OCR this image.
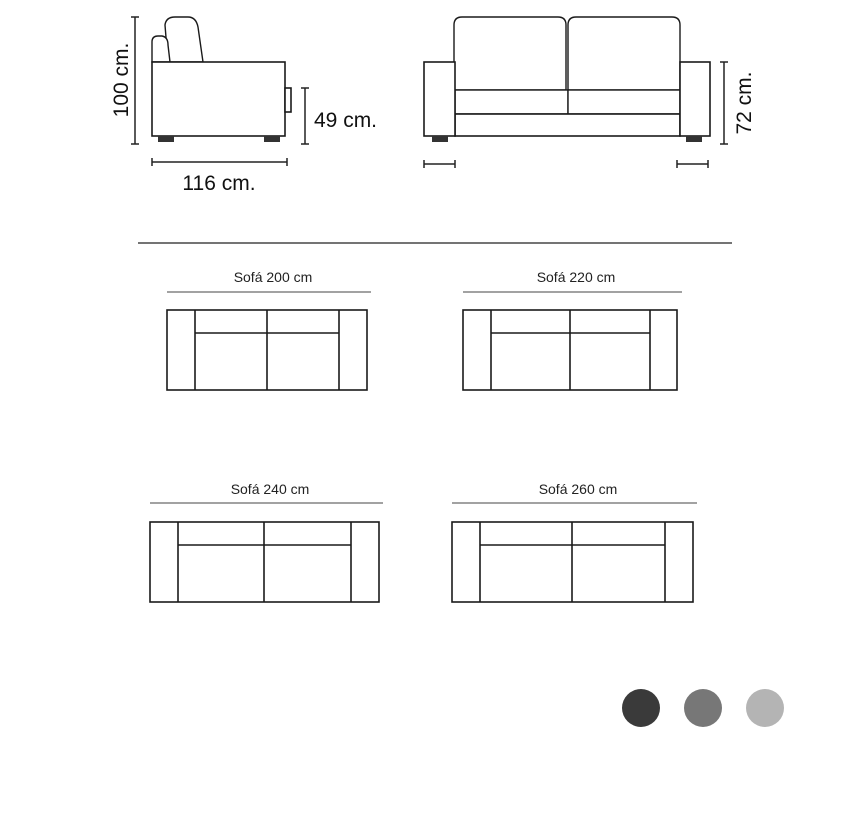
100 cm.
116 cm.
49 cm.	72 cm.
Sofá 200 cm	Sofá 220 cm
Sofá 240 cm	Sofá 260 cm
